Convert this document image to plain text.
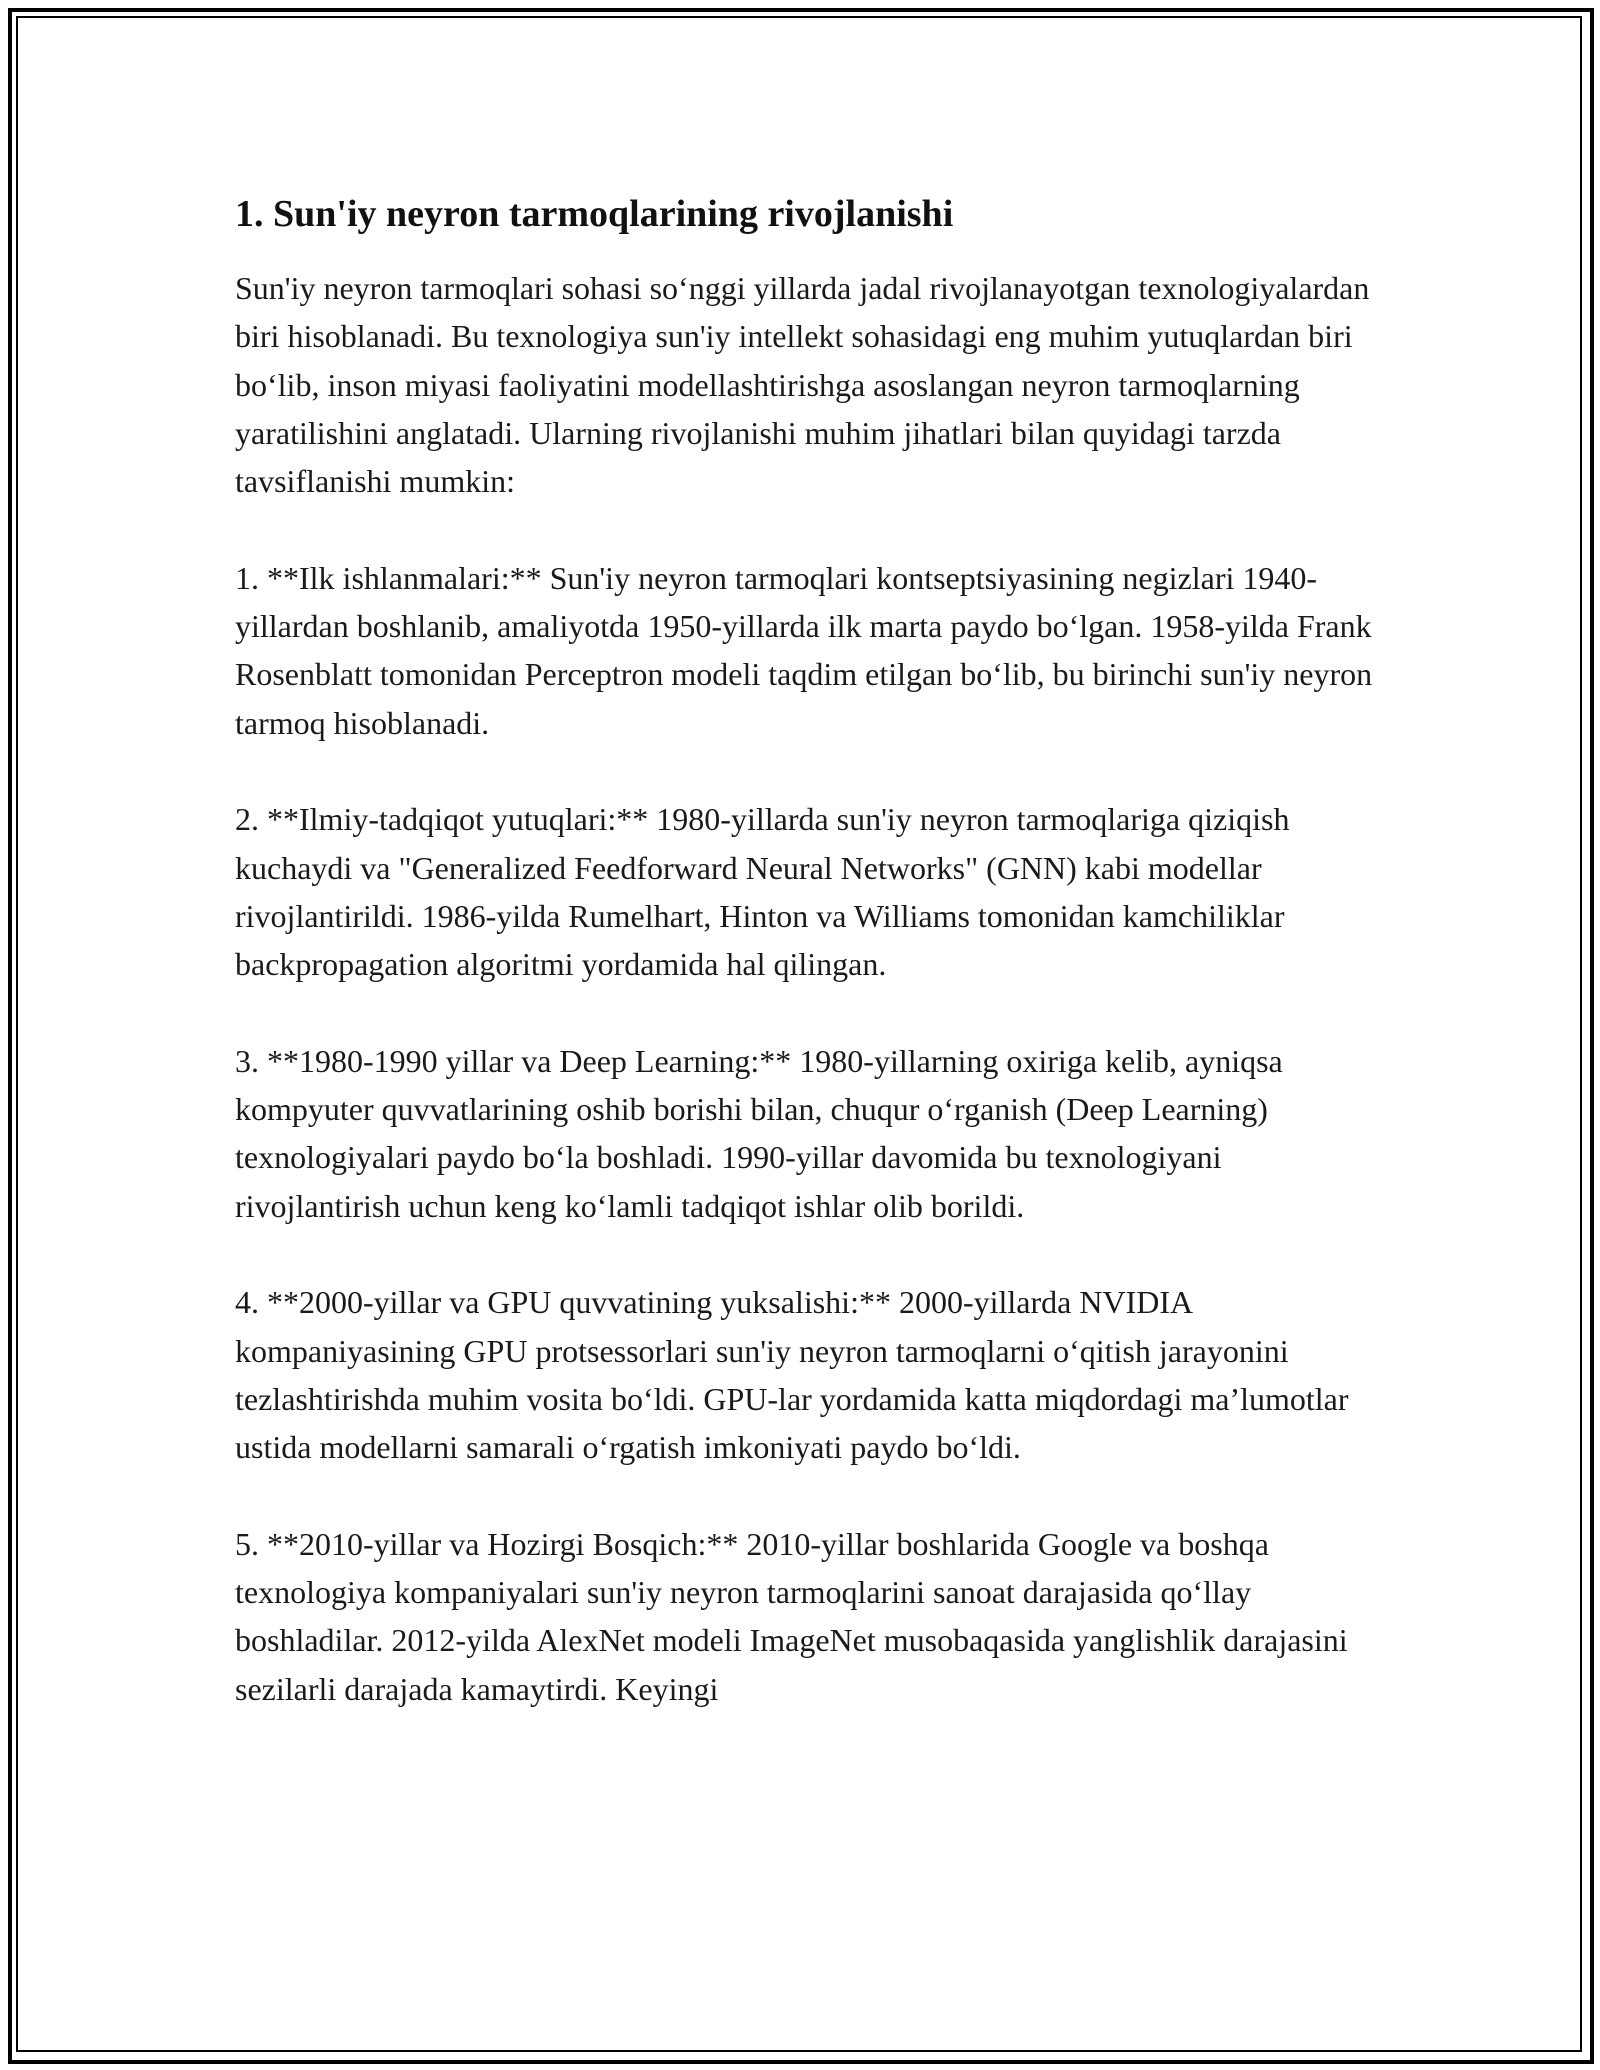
1. Sun'iy neyron tarmoqlarining rivojlanishi

Sun'iy neyron tarmoqlari sohasi so‘nggi yillarda jadal rivojlanayotgan texnologiyalardan biri hisoblanadi. Bu texnologiya sun'iy intellekt sohasidagi eng muhim yutuqlardan biri bo‘lib, inson miyasi faoliyatini modellashtirishga asoslangan neyron tarmoqlarning yaratilishini anglatadi. Ularning rivojlanishi muhim jihatlari bilan quyidagi tarzda tavsiflanishi mumkin:

1. **Ilk ishlanmalari:** Sun'iy neyron tarmoqlari kontseptsiyasining negizlari 1940-yillardan boshlanib, amaliyotda 1950-yillarda ilk marta paydo bo‘lgan. 1958-yilda Frank Rosenblatt tomonidan Perceptron modeli taqdim etilgan bo‘lib, bu birinchi sun'iy neyron tarmoq hisoblanadi.

2. **Ilmiy-tadqiqot yutuqlari:** 1980-yillarda sun'iy neyron tarmoqlariga qiziqish kuchaydi va "Generalized Feedforward Neural Networks" (GNN) kabi modellar rivojlantirildi. 1986-yilda Rumelhart, Hinton va Williams tomonidan kamchiliklar backpropagation algoritmi yordamida hal qilingan.

3. **1980-1990 yillar va Deep Learning:** 1980-yillarning oxiriga kelib, ayniqsa kompyuter quvvatlarining oshib borishi bilan, chuqur o‘rganish (Deep Learning) texnologiyalari paydo bo‘la boshladi. 1990-yillar davomida bu texnologiyani rivojlantirish uchun keng ko‘lamli tadqiqot ishlar olib borildi.

4. **2000-yillar va GPU quvvatining yuksalishi:** 2000-yillarda NVIDIA kompaniyasining GPU protsessorlari sun'iy neyron tarmoqlarni o‘qitish jarayonini tezlashtirishda muhim vosita bo‘ldi. GPU-lar yordamida katta miqdordagi ma’lumotlar ustida modellarni samarali o‘rgatish imkoniyati paydo bo‘ldi.

5. **2010-yillar va Hozirgi Bosqich:** 2010-yillar boshlarida Google va boshqa texnologiya kompaniyalari sun'iy neyron tarmoqlarini sanoat darajasida qo‘llay boshladilar. 2012-yilda AlexNet modeli ImageNet musobaqasida yanglishlik darajasini sezilarli darajada kamaytirdi. Keyingi
